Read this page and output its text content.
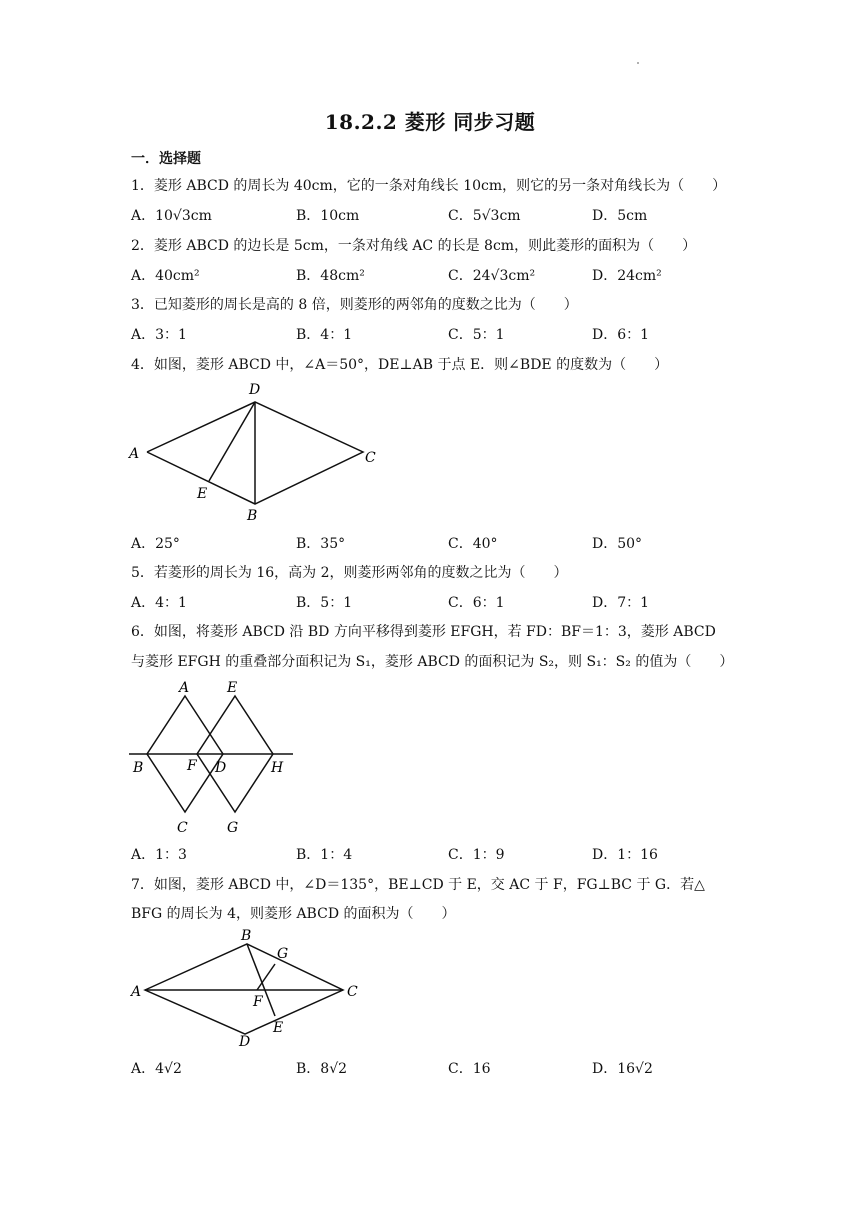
18.2.2 菱形 同步习题
一．选择题
1．菱形 ABCD 的周长为 40cm，它的一条对角线长 10cm，则它的另一条对角线长为（　　）
A．10√3cm	B．10cm	C．5√3cm	D．5cm
2．菱形 ABCD 的边长是 5cm，一条对角线 AC 的长是 8cm，则此菱形的面积为（　　）
A．40cm²	B．48cm²	C．24√3cm²	D．24cm²
3．已知菱形的周长是高的 8 倍，则菱形的两邻角的度数之比为（　　）
A．3：1	B．4：1	C．5：1	D．6：1
4．如图，菱形 ABCD 中，∠A＝50°，DE⊥AB 于点 E．则∠BDE 的度数为（　　）
D
A	C
E
B
A．25°	B．35°	C．40°	D．50°
5．若菱形的周长为 16，高为 2，则菱形两邻角的度数之比为（　　）
A．4：1	B．5：1	C．6：1	D．7：1
6．如图，将菱形 ABCD 沿 BD 方向平移得到菱形 EFGH，若 FD：BF＝1：3，菱形 ABCD
与菱形 EFGH 的重叠部分面积记为 S₁，菱形 ABCD 的面积记为 S₂，则 S₁：S₂ 的值为（　　）
A	E
B	F D	H
C	G
A．1：3	B．1：4	C．1：9	D．1：16
7．如图，菱形 ABCD 中，∠D＝135°，BE⊥CD 于 E，交 AC 于 F，FG⊥BC 于 G．若△
BFG 的周长为 4，则菱形 ABCD 的面积为（　　）
B
G
A
F
C
E
D
A．4√2	B．8√2	C．16	D．16√2
